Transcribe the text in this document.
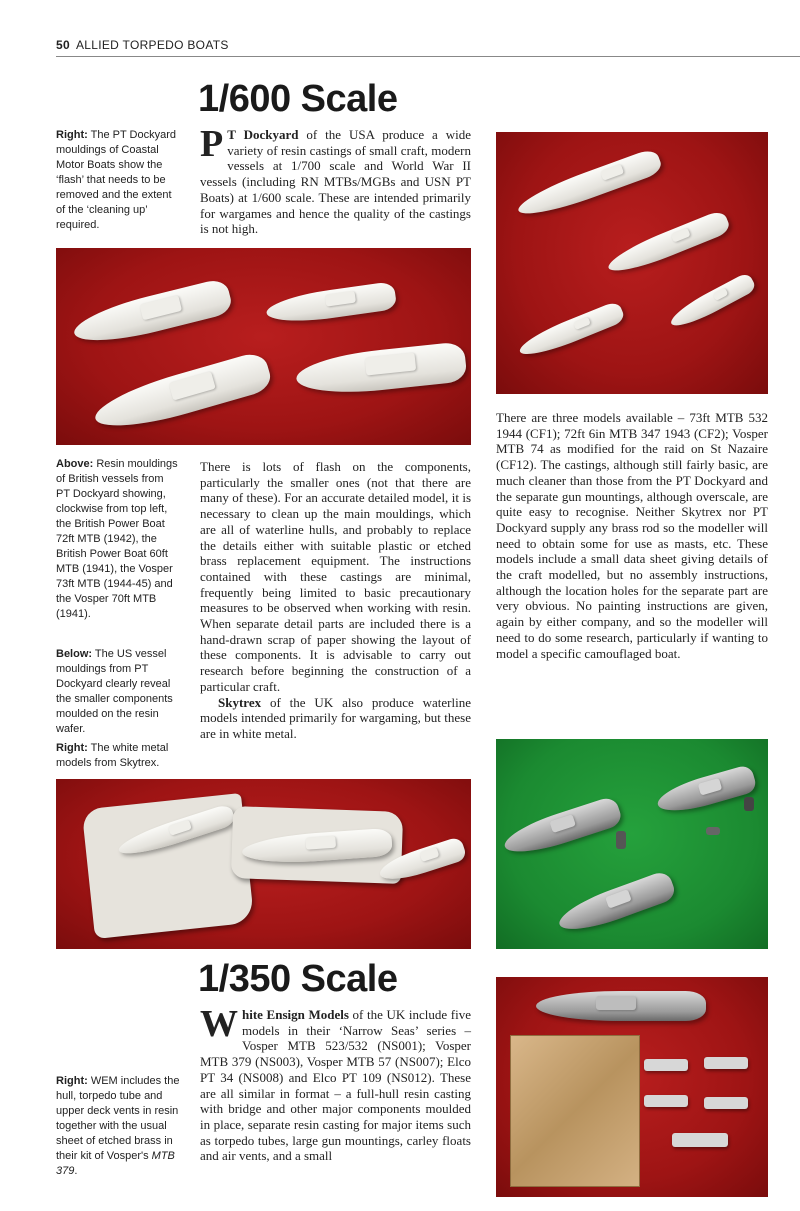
50 ALLIED TORPEDO BOATS
1/600 Scale
Right: The PT Dockyard mouldings of Coastal Motor Boats show the ‘flash’ that needs to be removed and the extent of the ‘cleaning up’ required.
P T Dockyard of the USA produce a wide variety of resin castings of small craft, modern vessels at 1/700 scale and World War II vessels (including RN MTBs/MGBs and USN PT Boats) at 1/600 scale. These are intended primarily for wargames and hence the quality of the castings is not high.
Above: Resin mouldings of British vessels from PT Dockyard showing, clockwise from top left, the British Power Boat 72ft MTB (1942), the British Power Boat 60ft MTB (1941), the Vosper 73ft MTB (1944-45) and the Vosper 70ft MTB (1941).
Below: The US vessel mouldings from PT Dockyard clearly reveal the smaller components moulded on the resin wafer.
Right: The white metal models from Skytrex.

There is lots of flash on the components, particularly the smaller ones (not that there are many of these). For an accurate detailed model, it is necessary to clean up the main mouldings, which are all of waterline hulls, and probably to replace the details either with suitable plastic or etched brass replacement equipment. The instructions contained with these castings are minimal, frequently being limited to basic precautionary measures to be observed when working with resin. When separate detail parts are included there is a hand-drawn scrap of paper showing the layout of these components. It is advisable to carry out research before beginning the construction of a particular craft.

Skytrex of the UK also produce waterline models intended primarily for wargaming, but these are in white metal.

There are three models available – 73ft MTB 532 1944 (CF1); 72ft 6in MTB 347 1943 (CF2); Vosper MTB 74 as modified for the raid on St Nazaire (CF12). The castings, although still fairly basic, are much cleaner than those from the PT Dockyard and the separate gun mountings, although overscale, are quite easy to recognise. Neither Skytrex nor PT Dockyard supply any brass rod so the modeller will need to obtain some for use as masts, etc. These models include a small data sheet giving details of the craft modelled, but no assembly instructions, although the location holes for the separate part are very obvious. No painting instructions are given, again by either company, and so the modeller will need to do some research, particularly if wanting to model a specific camouflaged boat.
1/350 Scale
Right: WEM includes the hull, torpedo tube and upper deck vents in resin together with the usual sheet of etched brass in their kit of Vosper's MTB 379.
White Ensign Models of the UK include five models in their ‘Narrow Seas’ series – Vosper MTB 523/532 (NS001); Vosper MTB 379 (NS003), Vosper MTB 57 (NS007); Elco PT 34 (NS008) and Elco PT 109 (NS012). These are all similar in format – a full-hull resin casting with bridge and other major components moulded in place, separate resin casting for major items such as torpedo tubes, large gun mountings, carley floats and air vents, and a small
